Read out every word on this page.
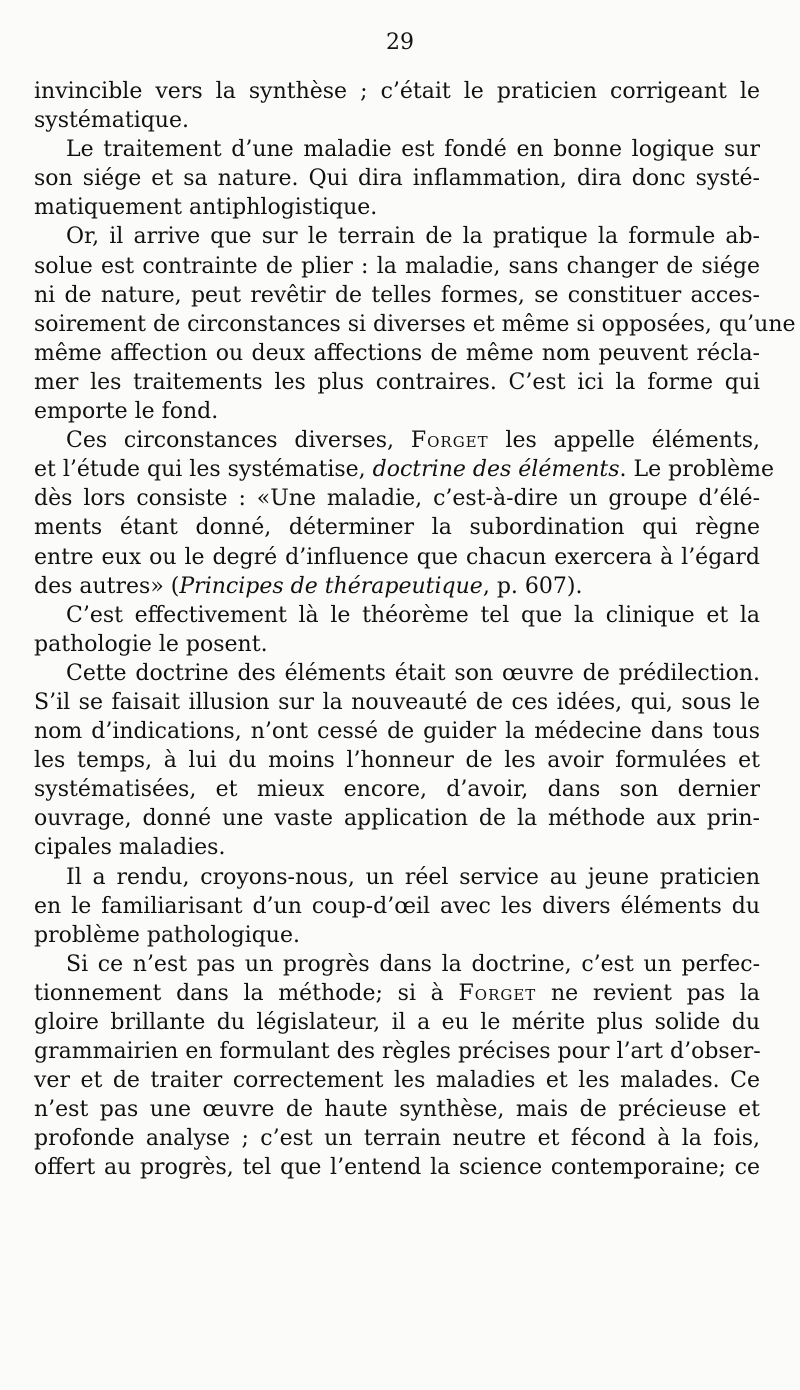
29
invincible vers la synthèse ; c’était le praticien corrigeant le
systématique.
Le traitement d’une maladie est fondé en bonne logique sur
son siége et sa nature. Qui dira inflammation, dira donc systé-
matiquement antiphlogistique.
Or, il arrive que sur le terrain de la pratique la formule ab-
solue est contrainte de plier : la maladie, sans changer de siége
ni de nature, peut revêtir de telles formes, se constituer acces-
soirement de circonstances si diverses et même si opposées, qu’une
même affection ou deux affections de même nom peuvent récla-
mer les traitements les plus contraires. C’est ici la forme qui
emporte le fond.
Ces circonstances diverses, Forget les appelle éléments,
et l’étude qui les systématise, doctrine des éléments. Le problème
dès lors consiste : «Une maladie, c’est-à-dire un groupe d’élé-
ments étant donné, déterminer la subordination qui règne
entre eux ou le degré d’influence que chacun exercera à l’égard
des autres» (Principes de thérapeutique, p. 607).
C’est effectivement là le théorème tel que la clinique et la
pathologie le posent.
Cette doctrine des éléments était son œuvre de prédilection.
S’il se faisait illusion sur la nouveauté de ces idées, qui, sous le
nom d’indications, n’ont cessé de guider la médecine dans tous
les temps, à lui du moins l’honneur de les avoir formulées et
systématisées, et mieux encore, d’avoir, dans son dernier
ouvrage, donné une vaste application de la méthode aux prin-
cipales maladies.
Il a rendu, croyons-nous, un réel service au jeune praticien
en le familiarisant d’un coup-d’œil avec les divers éléments du
problème pathologique.
Si ce n’est pas un progrès dans la doctrine, c’est un perfec-
tionnement dans la méthode; si à Forget ne revient pas la
gloire brillante du législateur, il a eu le mérite plus solide du
grammairien en formulant des règles précises pour l’art d’obser-
ver et de traiter correctement les maladies et les malades. Ce
n’est pas une œuvre de haute synthèse, mais de précieuse et
profonde analyse ; c’est un terrain neutre et fécond à la fois,
offert au progrès, tel que l’entend la science contemporaine; ce
